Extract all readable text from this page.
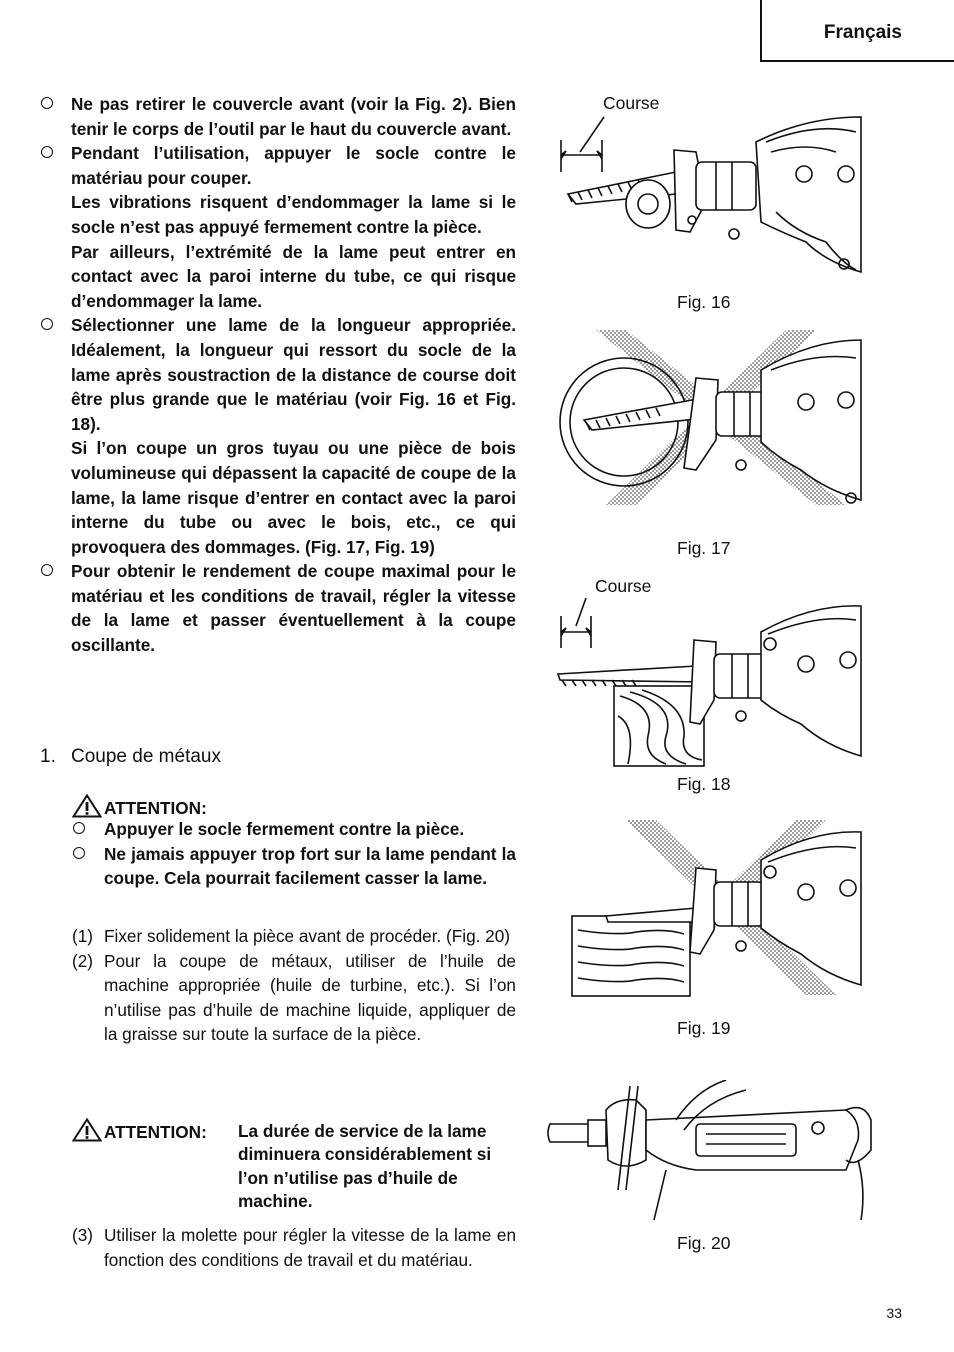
Français

Ne pas retirer le couvercle avant (voir la Fig. 2). Bien tenir le corps de l’outil par le haut du couvercle avant.

Pendant l’utilisation, appuyer le socle contre le matériau pour couper.

Les vibrations risquent d’endommager la lame si le socle n’est pas appuyé fermement contre la pièce.

Par ailleurs, l’extrémité de la lame peut entrer en contact avec la paroi interne du tube, ce qui risque d’endommager la lame.

Sélectionner une lame de la longueur appropriée. Idéalement, la longueur qui ressort du socle de la lame après soustraction de la distance de course doit être plus grande que le matériau (voir Fig. 16 et Fig. 18).

Si l’on coupe un gros tuyau ou une pièce de bois volumineuse qui dépassent la capacité de coupe de la lame, la lame risque d’entrer en contact avec la paroi interne du tube ou avec le bois, etc., ce qui provoquera des dommages. (Fig. 17, Fig. 19)

Pour obtenir le rendement de coupe maximal pour le matériau et les conditions de travail, régler la vitesse de la lame et passer éventuellement à la coupe oscillante.

1. Coupe de métaux
ATTENTION:
Appuyer le socle fermement contre la pièce.
Ne jamais appuyer trop fort sur la lame pendant la coupe. Cela pourrait facilement casser la lame.
(1) Fixer solidement la pièce avant de procéder. (Fig. 20)
(2) Pour la coupe de métaux, utiliser de l’huile de machine appropriée (huile de turbine, etc.). Si l’on n’utilise pas d’huile de machine liquide, appliquer de la graisse sur toute la surface de la pièce.
ATTENTION: La durée de service de la lame diminuera considérablement si l’on n’utilise pas d’huile de machine.
(3) Utiliser la molette pour régler la vitesse de la lame en fonction des conditions de travail et du matériau.
Course
Fig. 16
Fig. 17
Course
Fig. 18
Fig. 19
Fig. 20
33
